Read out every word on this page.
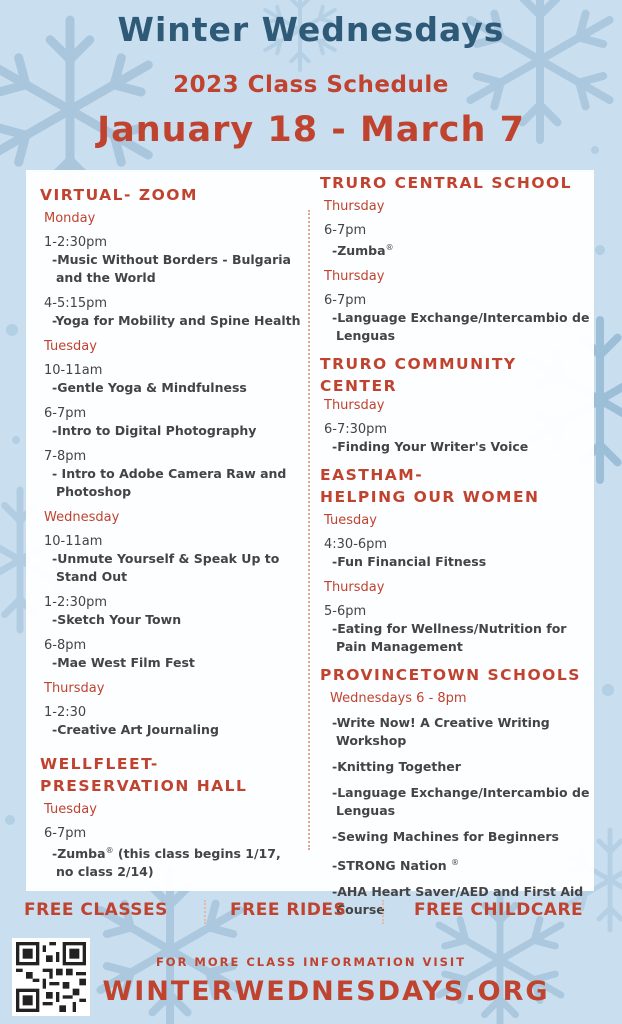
Winter Wednesdays
2023 Class Schedule
January 18 - March 7
VIRTUAL- ZOOM
Monday
1-2:30pm
-Music Without Borders - Bulgaria and the World
4-5:15pm
-Yoga for Mobility and Spine Health
Tuesday
10-11am
-Gentle Yoga & Mindfulness
6-7pm
-Intro to Digital Photography
7-8pm
- Intro to Adobe Camera Raw and Photoshop
Wednesday
10-11am
-Unmute Yourself & Speak Up to Stand Out
1-2:30pm
-Sketch Your Town
6-8pm
-Mae West Film Fest
Thursday
1-2:30
-Creative Art Journaling
WELLFLEET-
PRESERVATION HALL
Tuesday
6-7pm
-Zumba® (this class begins 1/17, no class 2/14)
TRURO CENTRAL SCHOOL
Thursday
6-7pm
-Zumba®
Thursday
6-7pm
-Language Exchange/Intercambio de Lenguas
TRURO COMMUNITY
CENTER
Thursday
6-7:30pm
-Finding Your Writer's Voice
EASTHAM-
HELPING OUR WOMEN
Tuesday
4:30-6pm
-Fun Financial Fitness
Thursday
5-6pm
-Eating for Wellness/Nutrition for Pain Management
PROVINCETOWN SCHOOLS
Wednesdays 6 - 8pm
-Write Now! A Creative Writing Workshop
-Knitting Together
-Language Exchange/Intercambio de Lenguas
-Sewing Machines for Beginners
-STRONG Nation ®
-AHA Heart Saver/AED and First Aid Course
FREE CLASSES	FREE RIDES	FREE CHILDCARE
FOR MORE CLASS INFORMATION VISIT
WINTERWEDNESDAYS.ORG
